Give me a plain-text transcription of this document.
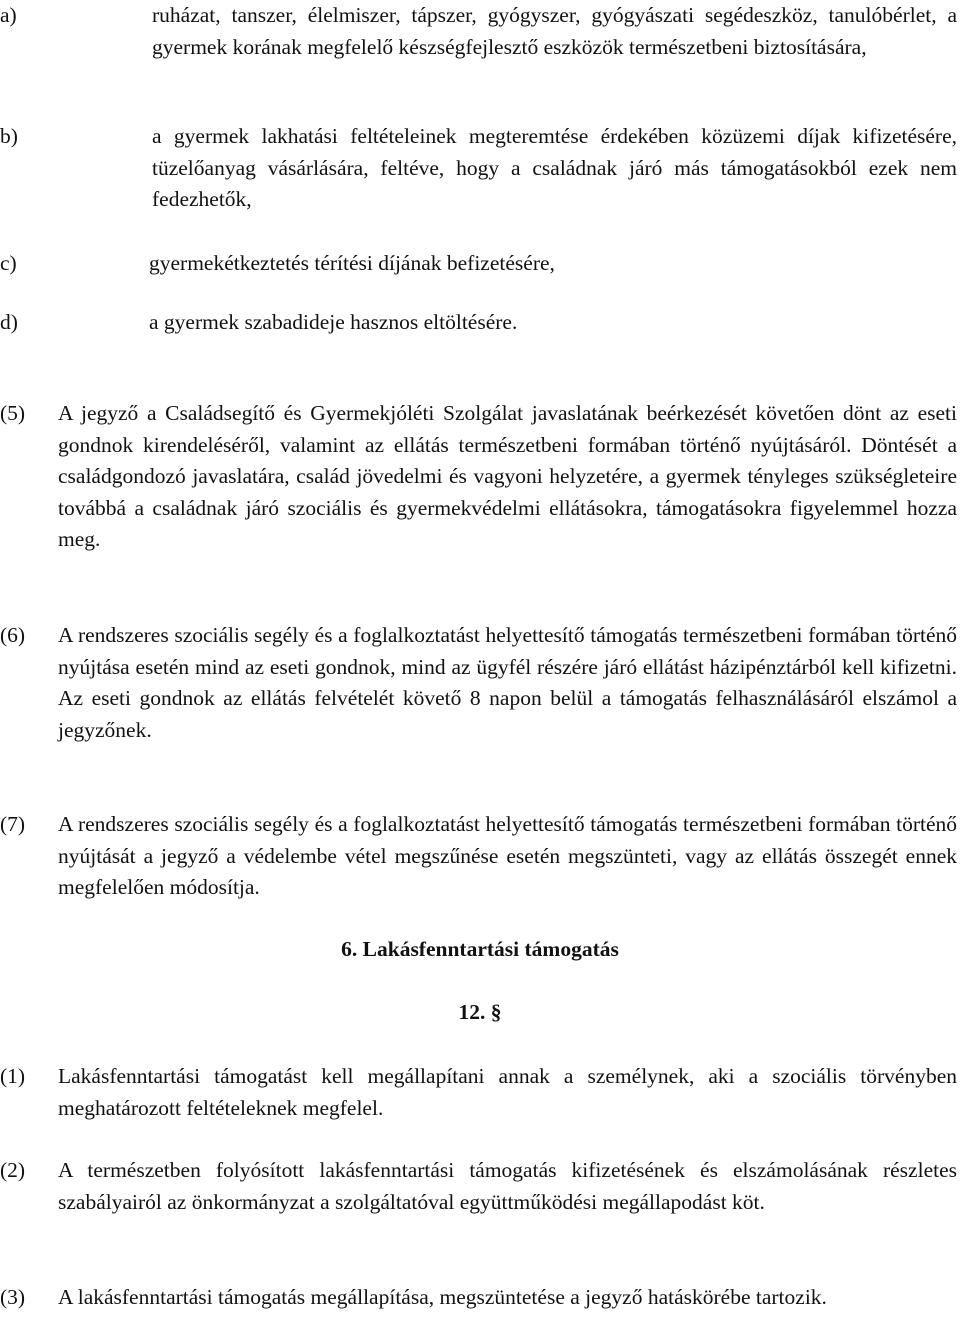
a)	ruházat, tanszer, élelmiszer, tápszer, gyógyszer, gyógyászati segédeszköz, tanulóbérlet, a gyermek korának megfelelő készségfejlesztő eszközök természetbeni biztosítására,
b)	a gyermek lakhatási feltételeinek megteremtése érdekében közüzemi díjak kifizetésére, tüzelőanyag vásárlására, feltéve, hogy a családnak járó más támogatásokból ezek nem fedezhetők,
c)	gyermekétkeztetés térítési díjának befizetésére,
d)	a gyermek szabadideje hasznos eltöltésére.
(5)	A jegyző a Családsegítő és Gyermekjóléti Szolgálat javaslatának beérkezését követően dönt az eseti gondnok kirendeléséről, valamint az ellátás természetbeni formában történő nyújtásáról. Döntését a családgondozó javaslatára, család jövedelmi és vagyoni helyzetére, a gyermek tényleges szükségleteire továbbá a családnak járó szociális és gyermekvédelmi ellátásokra, támogatásokra figyelemmel hozza meg.
(6)	A rendszeres szociális segély és a foglalkoztatást helyettesítő támogatás természetbeni formában történő nyújtása esetén mind az eseti gondnok, mind az ügyfél részére járó ellátást házipénztárból kell kifizetni. Az eseti gondnok az ellátás felvételét követő 8 napon belül a támogatás felhasználásáról elszámol a jegyzőnek.
(7)	A rendszeres szociális segély és a foglalkoztatást helyettesítő támogatás természetbeni formában történő nyújtását a jegyző a védelembe vétel megszűnése esetén megszünteti, vagy az ellátás összegét ennek megfelelően módosítja.
6. Lakásfenntartási támogatás
12. §
(1)	Lakásfenntartási támogatást kell megállapítani annak a személynek, aki a szociális törvényben meghatározott feltételeknek megfelel.
(2)	A természetben folyósított lakásfenntartási támogatás kifizetésének és elszámolásának részletes szabályairól az önkormányzat a szolgáltatóval együttműködési megállapodást köt.
(3)	A lakásfenntartási támogatás megállapítása, megszüntetése a jegyző hatáskörébe tartozik.
